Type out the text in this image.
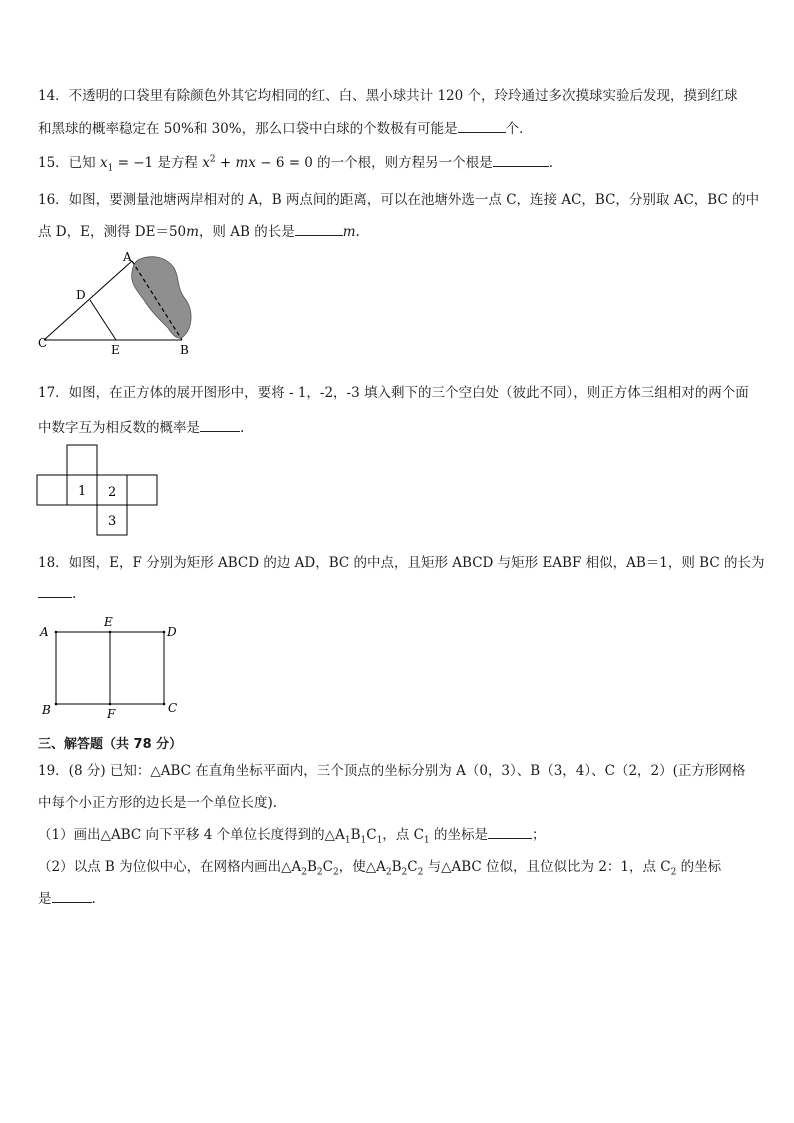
14．不透明的口袋里有除颜色外其它均相同的红、白、黑小球共计 120 个，玲玲通过多次摸球实验后发现，摸到红球
和黑球的概率稳定在 50%和 30%，那么口袋中白球的个数极有可能是	个．
15．已知 $x_1 = -1$ 是方程 $x^2$ + mx − 6 = 0 的一个根，则方程另一个根是	.
16．如图，要测量池塘两岸相对的 A，B 两点间的距离，可以在池塘外选一点 C，连接 AC，BC，分别取 AC，BC 的中
点 D，E，测得 DE＝50m，则 AB 的长是	m.
A
D
C	E	B
17．如图，在正方体的展开图形中，要将 - 1，-2，-3 填入剩下的三个空白处（彼此不同），则正方体三组相对的两个面
中数字互为相反数的概率是	.
1 2
3
18．如图，E，F 分别为矩形 ABCD 的边 AD，BC 的中点，且矩形 ABCD 与矩形 EABF 相似，AB＝1，则 BC 的长为
.
A
E
D
B	F	C
三、解答题（共 78 分）
19．(8 分) 已知：△ABC 在直角坐标平面内，三个顶点的坐标分别为 A（0，3）、B（3，4）、C（2，2）(正方形网格
中每个小正方形的边长是一个单位长度).
（1）画出△ABC 向下平移 4 个单位长度得到的$\triangle A_1B_1C_1$，点 $C_1$ 的坐标是	；
（2）以点 B 为位似中心，在网格内画出$\triangle A_2B_2C_2$，使$\triangle A_2B_2C_2$ 与△ABC 位似，且位似比为 2：1，点 $C_2$ 的坐标
是	.
